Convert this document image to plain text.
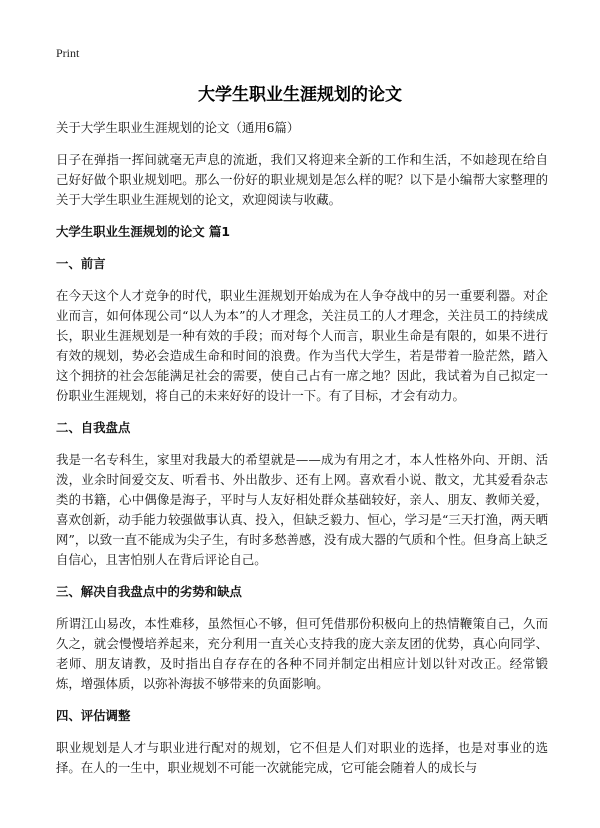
Print
大学生职业生涯规划的论文

关于大学生职业生涯规划的论文（通用6篇）

日子在弹指一挥间就毫无声息的流逝，我们又将迎来全新的工作和生活，不如趁现在给自己好好做个职业规划吧。那么一份好的职业规划是怎么样的呢？以下是小编帮大家整理的关于大学生职业生涯规划的论文，欢迎阅读与收藏。

大学生职业生涯规划的论文 篇1
一、前言

在今天这个人才竞争的时代，职业生涯规划开始成为在人争夺战中的另一重要利器。对企业而言，如何体现公司“以人为本”的人才理念，关注员工的人才理念，关注员工的持续成长，职业生涯规划是一种有效的手段；而对每个人而言，职业生命是有限的，如果不进行有效的规划，势必会造成生命和时间的浪费。作为当代大学生，若是带着一脸茫然，踏入这个拥挤的社会怎能满足社会的需要，使自己占有一席之地？因此，我试着为自己拟定一份职业生涯规划，将自己的未来好好的设计一下。有了目标，才会有动力。

二、自我盘点

我是一名专科生，家里对我最大的希望就是——成为有用之才，本人性格外向、开朗、活泼，业余时间爱交友、听看书、外出散步、还有上网。喜欢看小说、散文，尤其爱看杂志类的书籍，心中偶像是海子，平时与人友好相处群众基础较好，亲人、朋友、教师关爱，喜欢创新，动手能力较强做事认真、投入，但缺乏毅力、恒心，学习是“三天打渔，两天晒网”，以致一直不能成为尖子生，有时多愁善感，没有成大器的气质和个性。但身高上缺乏自信心，且害怕别人在背后评论自己。

三、解决自我盘点中的劣势和缺点

所谓江山易改，本性难移，虽然恒心不够，但可凭借那份积极向上的热情鞭策自己，久而久之，就会慢慢培养起来，充分利用一直关心支持我的庞大亲友团的优势，真心向同学、老师、朋友请教，及时指出自存存在的各种不同并制定出相应计划以针对改正。经常锻炼，增强体质，以弥补海拔不够带来的负面影响。

四、评估调整

职业规划是人才与职业进行配对的规划，它不但是人们对职业的选择，也是对事业的选择。在人的一生中，职业规划不可能一次就能完成，它可能会随着人的成长与
